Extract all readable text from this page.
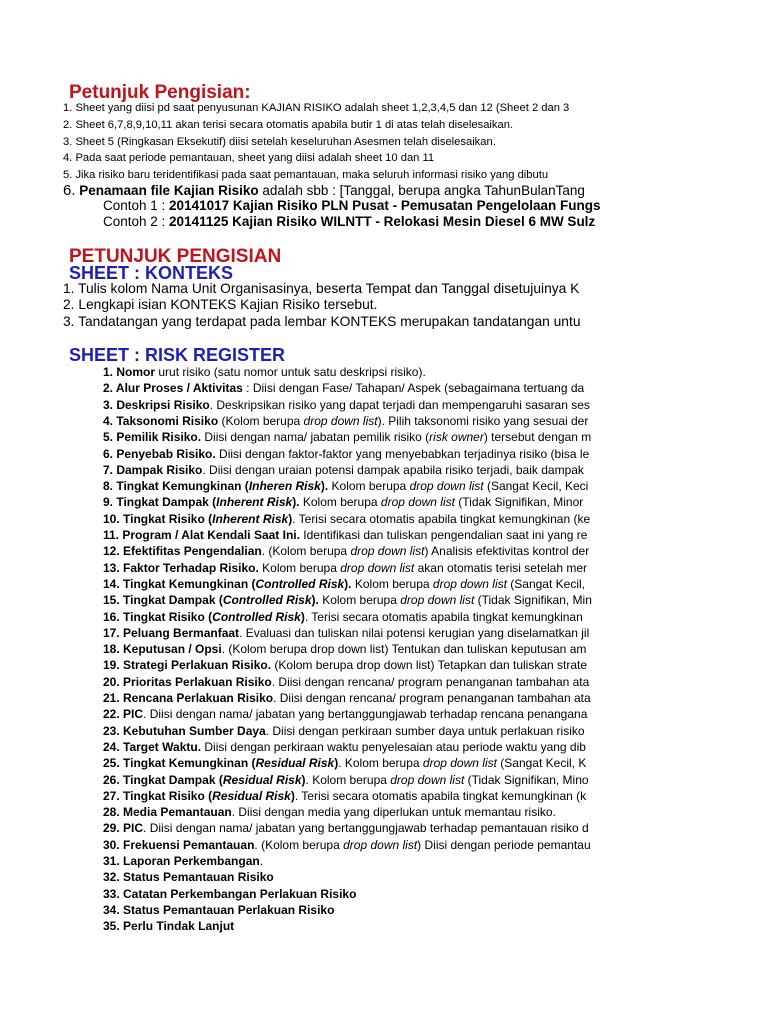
Petunjuk Pengisian:
1. Sheet yang diisi pd saat penyusunan KAJIAN RISIKO adalah sheet 1,2,3,4,5 dan 12 (Sheet 2 dan 3
2. Sheet 6,7,8,9,10,11 akan terisi secara otomatis apabila butir 1 di atas telah diselesaikan.
3. Sheet 5 (Ringkasan Eksekutif) diisi setelah keseluruhan Asesmen telah diselesaikan.
4. Pada saat periode pemantauan, sheet yang diisi adalah sheet 10 dan 11
5. Jika risiko baru teridentifikasi pada saat pemantauan, maka seluruh informasi risiko yang dibutu
6. Penamaan file Kajian Risiko adalah sbb : [Tanggal, berupa angka TahunBulanTang
Contoh 1 : 20141017 Kajian Risiko PLN Pusat - Pemusatan Pengelolaan Fungs
Contoh 2 : 20141125 Kajian Risiko WILNTT - Relokasi Mesin Diesel 6 MW Sulz
PETUNJUK PENGISIAN
SHEET : KONTEKS
1. Tulis kolom Nama Unit Organisasinya, beserta Tempat dan Tanggal disetujuinya K
2. Lengkapi isian KONTEKS Kajian Risiko tersebut.
3. Tandatangan yang terdapat pada lembar KONTEKS merupakan tandatangan untu
SHEET : RISK REGISTER
1. Nomor urut risiko (satu nomor untuk satu deskripsi risiko).
2. Alur Proses / Aktivitas : Diisi dengan Fase/ Tahapan/ Aspek (sebagaimana tertuang da
3. Deskripsi Risiko. Deskripsikan risiko yang dapat terjadi dan mempengaruhi sasaran ses
4. Taksonomi Risiko (Kolom berupa drop down list). Pilih taksonomi risiko yang sesuai der
5. Pemilik Risiko. Diisi dengan nama/ jabatan pemilik risiko (risk owner) tersebut dengan m
6. Penyebab Risiko. Diisi dengan faktor-faktor yang menyebabkan terjadinya risiko (bisa le
7. Dampak Risiko. Diisi dengan uraian potensi dampak apabila risiko terjadi, baik dampak
8. Tingkat Kemungkinan (Inheren Risk). Kolom berupa drop down list (Sangat Kecil, Keci
9. Tingkat Dampak (Inherent Risk). Kolom berupa drop down list (Tidak Signifikan, Minor
10. Tingkat Risiko (Inherent Risk). Terisi secara otomatis apabila tingkat kemungkinan (ke
11. Program / Alat Kendali Saat Ini. Identifikasi dan tuliskan pengendalian saat ini yang re
12. Efektifitas Pengendalian. (Kolom berupa drop down list) Analisis efektivitas kontrol der
13. Faktor Terhadap Risiko. Kolom berupa drop down list akan otomatis terisi setelah mer
14. Tingkat Kemungkinan (Controlled Risk). Kolom berupa drop down list (Sangat Kecil,
15. Tingkat Dampak (Controlled Risk). Kolom berupa drop down list (Tidak Signifikan, Min
16. Tingkat Risiko (Controlled Risk). Terisi secara otomatis apabila tingkat kemungkinan
17. Peluang Bermanfaat. Evaluasi dan tuliskan nilai potensi kerugian yang diselamatkan jil
18. Keputusan / Opsi. (Kolom berupa drop down list) Tentukan dan tuliskan keputusan am
19. Strategi Perlakuan Risiko. (Kolom berupa drop down list) Tetapkan dan tuliskan strate
20. Prioritas Perlakuan Risiko. Diisi dengan rencana/ program penanganan tambahan ata
21. Rencana Perlakuan Risiko. Diisi dengan rencana/ program penanganan tambahan ata
22. PIC. Diisi dengan nama/ jabatan yang bertanggungjawab terhadap rencana penangana
23. Kebutuhan Sumber Daya. Diisi dengan perkiraan sumber daya untuk perlakuan risiko
24. Target Waktu. Diisi dengan perkiraan waktu penyelesaian atau periode waktu yang dib
25. Tingkat Kemungkinan (Residual Risk). Kolom berupa drop down list (Sangat Kecil, K
26. Tingkat Dampak (Residual Risk). Kolom berupa drop down list (Tidak Signifikan, Mino
27. Tingkat Risiko (Residual Risk). Terisi secara otomatis apabila tingkat kemungkinan (k
28. Media Pemantauan. Diisi dengan media yang diperlukan untuk memantau risiko.
29. PIC. Diisi dengan nama/ jabatan yang bertanggungjawab terhadap pemantauan risiko d
30. Frekuensi Pemantauan. (Kolom berupa drop down list) Diisi dengan periode pemantau
31. Laporan Perkembangan.
32. Status Pemantauan Risiko
33. Catatan Perkembangan Perlakuan Risiko
34. Status Pemantauan Perlakuan Risiko
35. Perlu Tindak Lanjut
